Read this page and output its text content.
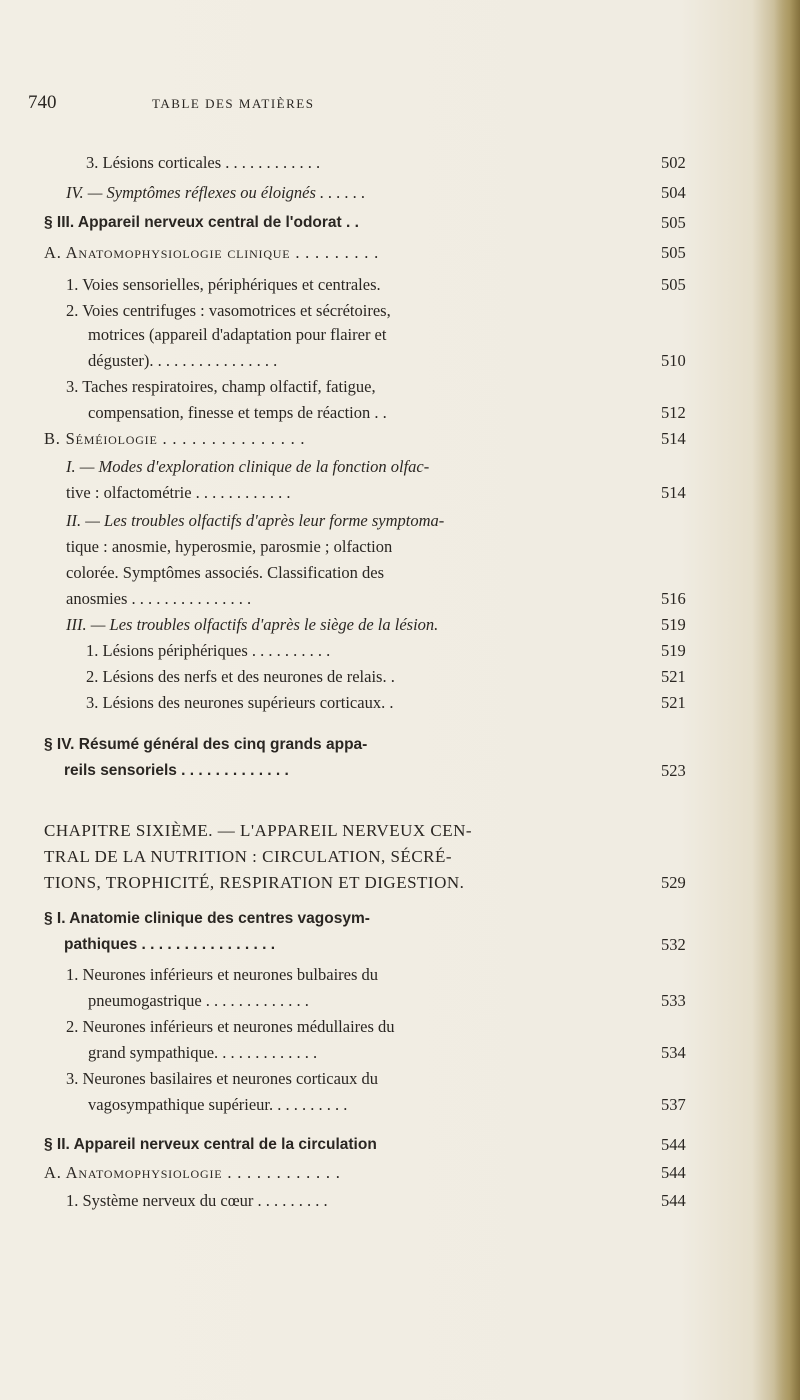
740	TABLE DES MATIÈRES
3. Lésions corticales . . . . . . . . . . . .	502
IV. — Symptômes réflexes ou éloignés . . . . . .	504
§ III. Appareil nerveux central de l'odorat . .	505
A. Anatomophysiologie clinique . . . . . . . . .	505
1. Voies sensorielles, périphériques et centrales.	505
2. Voies centrifuges : vasomotrices et sécrétoires,
motrices (appareil d'adaptation pour flairer et
déguster). . . . . . . . . . . . . . . .	510
3. Taches respiratoires, champ olfactif, fatigue,
compensation, finesse et temps de réaction . .	512
B. Séméiologie . . . . . . . . . . . . . . .	514
I. — Modes d'exploration clinique de la fonction olfac-
tive : olfactométrie . . . . . . . . . . . .	514
II. — Les troubles olfactifs d'après leur forme symptoma-
tique : anosmie, hyperosmie, parosmie ; olfaction
colorée. Symptômes associés. Classification des
anosmies . . . . . . . . . . . . . . .	516
III. — Les troubles olfactifs d'après le siège de la lésion.	519
1. Lésions périphériques . . . . . . . . . .	519
2. Lésions des nerfs et des neurones de relais. .	521
3. Lésions des neurones supérieurs corticaux. .	521
§ IV. Résumé général des cinq grands appa-
reils sensoriels . . . . . . . . . . . . .	523
CHAPITRE SIXIÈME. — L'APPAREIL NERVEUX CEN-
TRAL DE LA NUTRITION : CIRCULATION, SÉCRÉ-
TIONS, TROPHICITÉ, RESPIRATION ET DIGESTION.	529
§ I. Anatomie clinique des centres vagosym-
pathiques . . . . . . . . . . . . . . . .	532
1. Neurones inférieurs et neurones bulbaires du
pneumogastrique . . . . . . . . . . . . .	533
2. Neurones inférieurs et neurones médullaires du
grand sympathique. . . . . . . . . . . . .	534
3. Neurones basilaires et neurones corticaux du
vagosympathique supérieur. . . . . . . . . .	537
§ II. Appareil nerveux central de la circulation	544
A. Anatomophysiologie . . . . . . . . . . . .	544
1. Système nerveux du cœur . . . . . . . . .	544
